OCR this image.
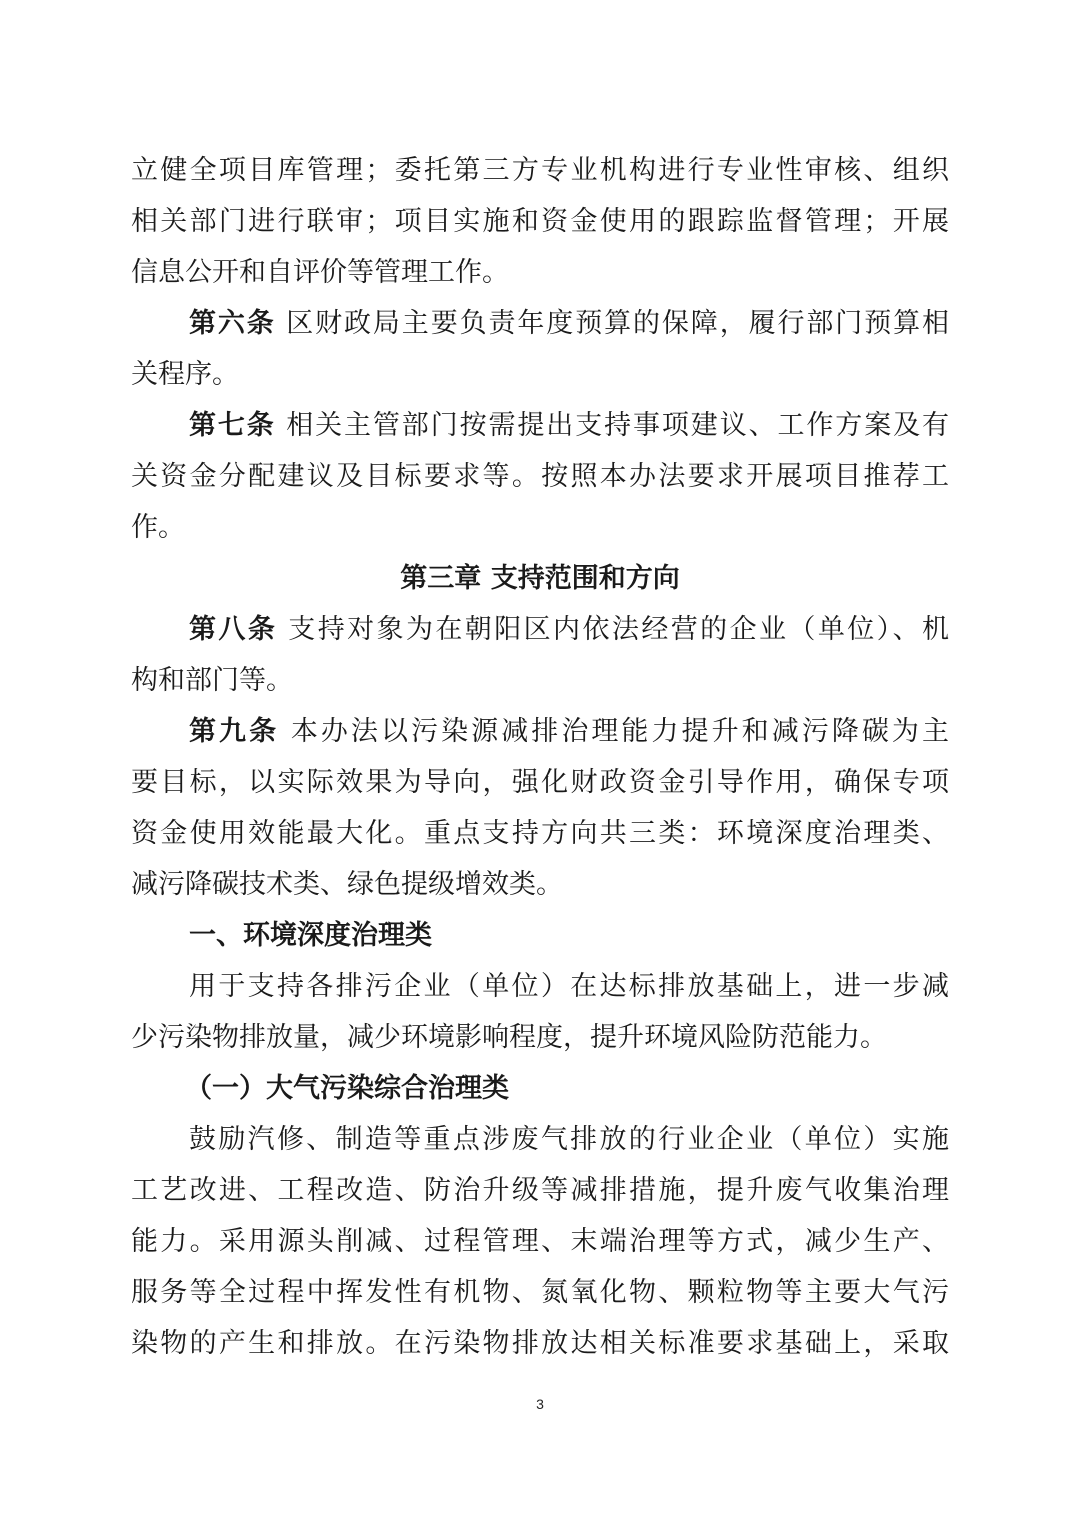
立健全项目库管理；委托第三方专业机构进行专业性审核、组织
相关部门进行联审；项目实施和资金使用的跟踪监督管理；开展
信息公开和自评价等管理工作。
第六条 区财政局主要负责年度预算的保障，履行部门预算相
关程序。
第七条 相关主管部门按需提出支持事项建议、工作方案及有
关资金分配建议及目标要求等。按照本办法要求开展项目推荐工
作。
第三章 支持范围和方向
第八条 支持对象为在朝阳区内依法经营的企业（单位）、机
构和部门等。
第九条 本办法以污染源减排治理能力提升和减污降碳为主
要目标，以实际效果为导向，强化财政资金引导作用，确保专项
资金使用效能最大化。重点支持方向共三类：环境深度治理类、
减污降碳技术类、绿色提级增效类。
一、环境深度治理类
用于支持各排污企业（单位）在达标排放基础上，进一步减
少污染物排放量，减少环境影响程度，提升环境风险防范能力。
（一）大气污染综合治理类
鼓励汽修、制造等重点涉废气排放的行业企业（单位）实施
工艺改进、工程改造、防治升级等减排措施，提升废气收集治理
能力。采用源头削减、过程管理、末端治理等方式，减少生产、
服务等全过程中挥发性有机物、氮氧化物、颗粒物等主要大气污
染物的产生和排放。在污染物排放达相关标准要求基础上，采取
3
